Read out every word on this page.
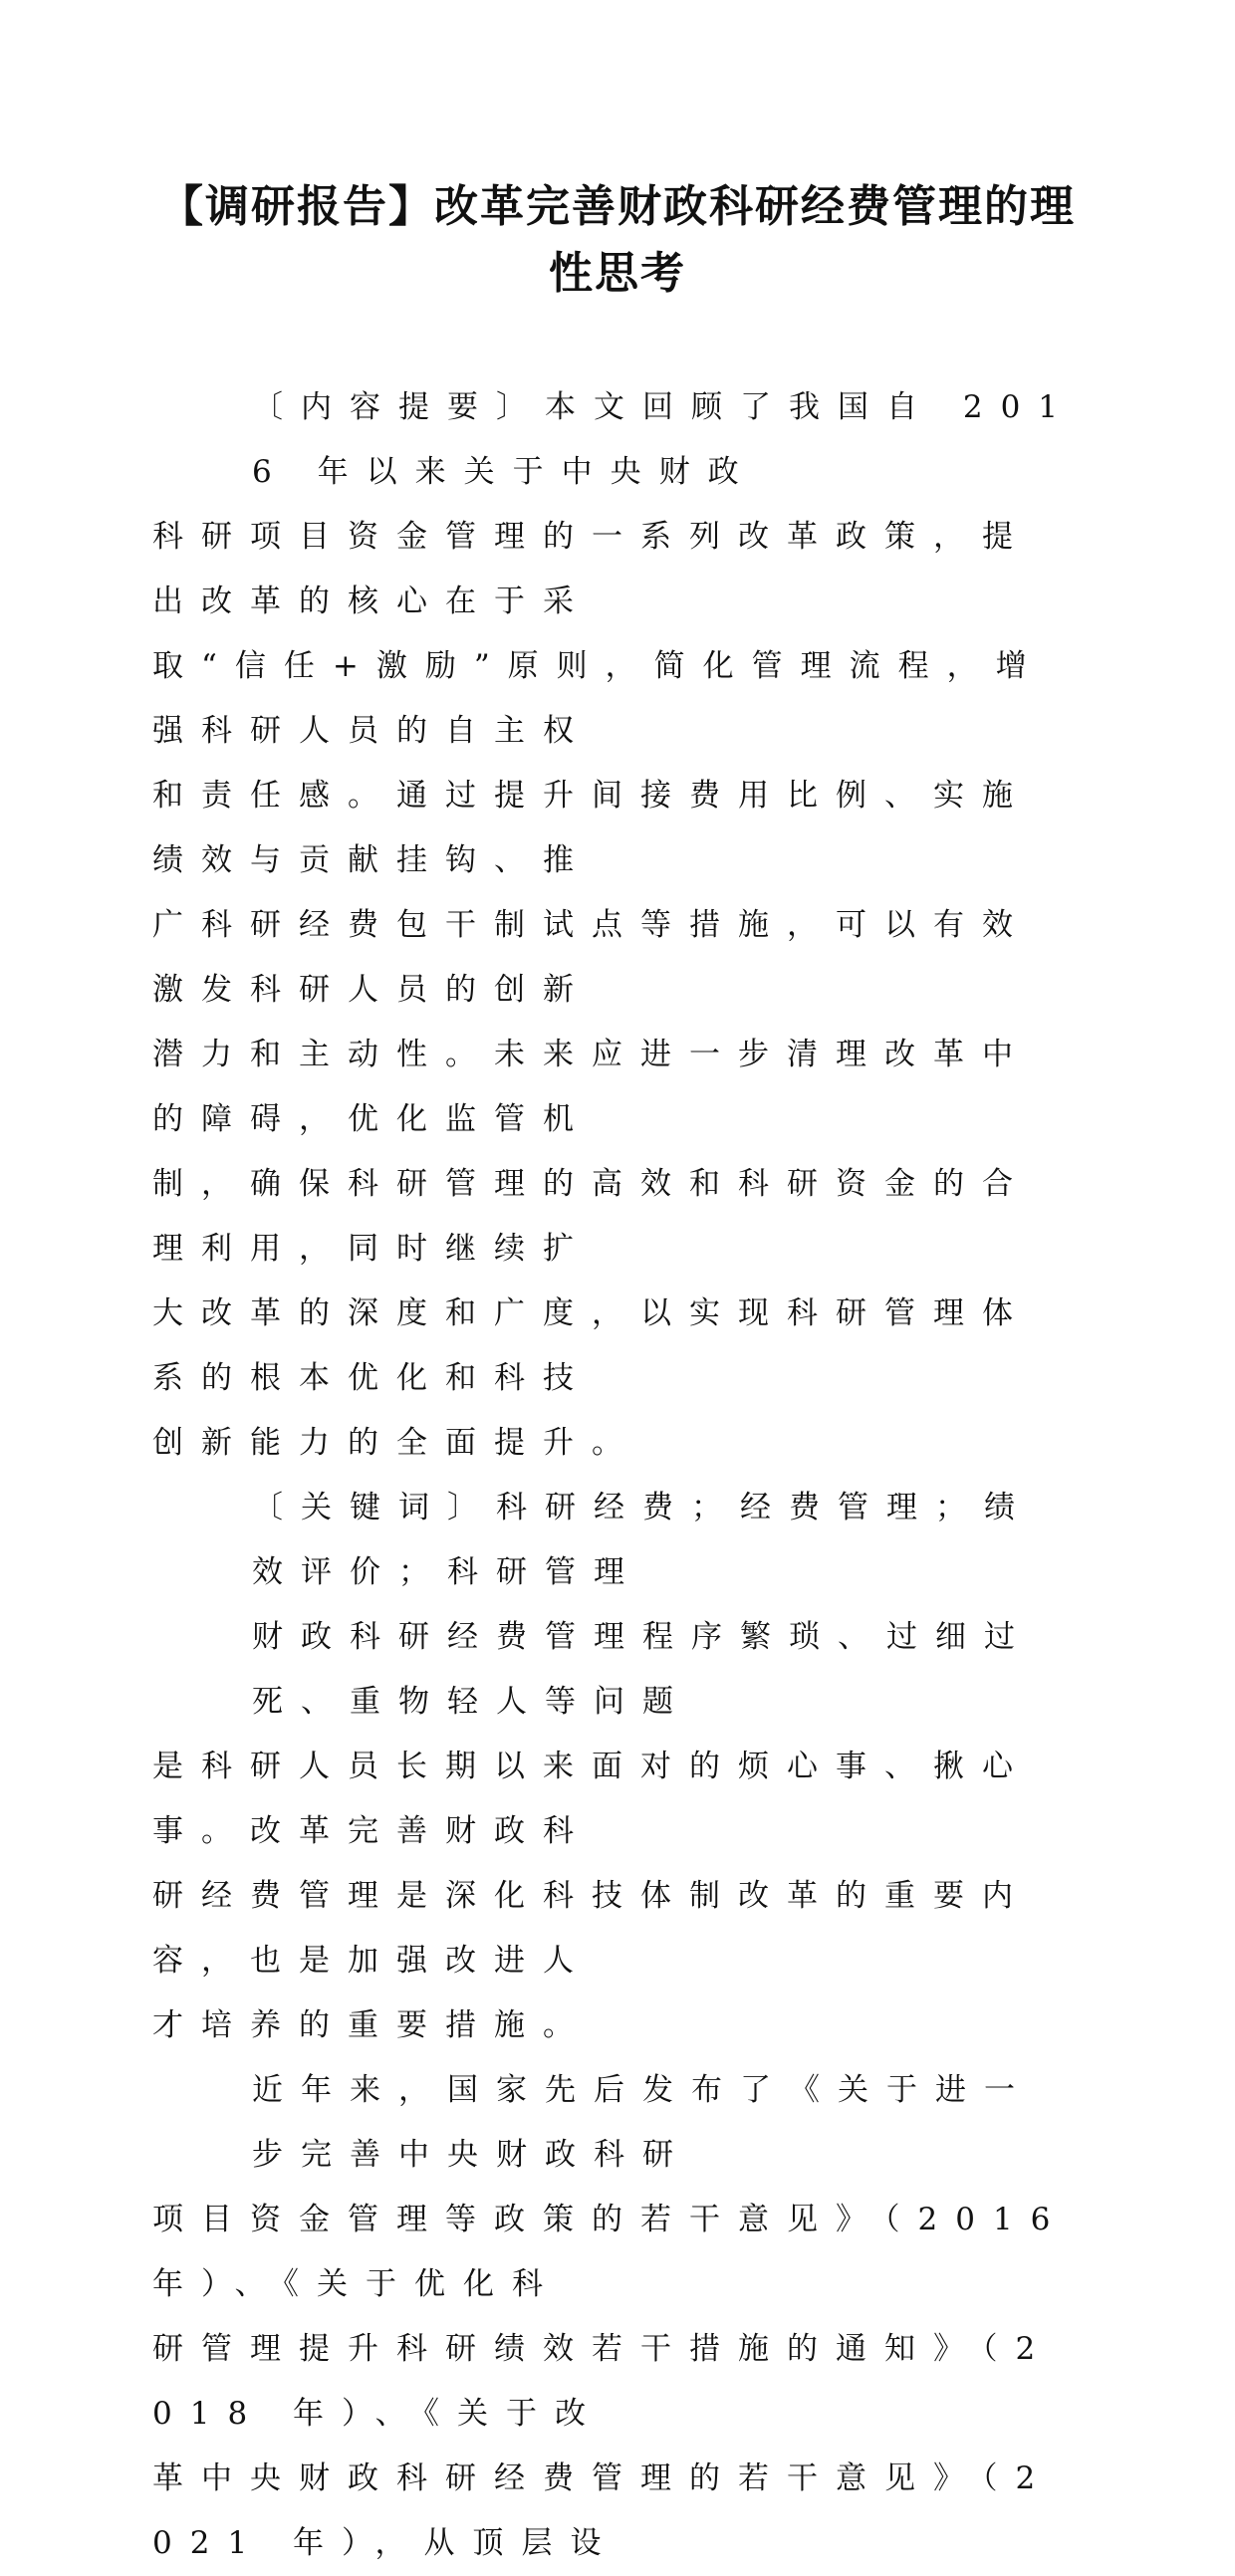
【调研报告】改革完善财政科研经费管理的理
性思考
〔内容提要〕本文回顾了我国自 2016 年以来关于中央财政
科研项目资金管理的一系列改革政策，提出改革的核心在于采
取“信任+激励”原则，简化管理流程，增强科研人员的自主权
和责任感。通过提升间接费用比例、实施绩效与贡献挂钩、推
广科研经费包干制试点等措施，可以有效激发科研人员的创新
潜力和主动性。未来应进一步清理改革中的障碍，优化监管机
制，确保科研管理的高效和科研资金的合理利用，同时继续扩
大改革的深度和广度，以实现科研管理体系的根本优化和科技
创新能力的全面提升。
〔关键词〕科研经费；经费管理；绩效评价；科研管理
财政科研经费管理程序繁琐、过细过死、重物轻人等问题
是科研人员长期以来面对的烦心事、揪心事。改革完善财政科
研经费管理是深化科技体制改革的重要内容，也是加强改进人
才培养的重要措施。
近年来，国家先后发布了《关于进一步完善中央财政科研
项目资金管理等政策的若干意见》（2016 年）、《关于优化科
研管理提升科研绩效若干措施的通知》（2018 年）、《关于改
革中央财政科研经费管理的若干意见》（2021 年），从顶层设
